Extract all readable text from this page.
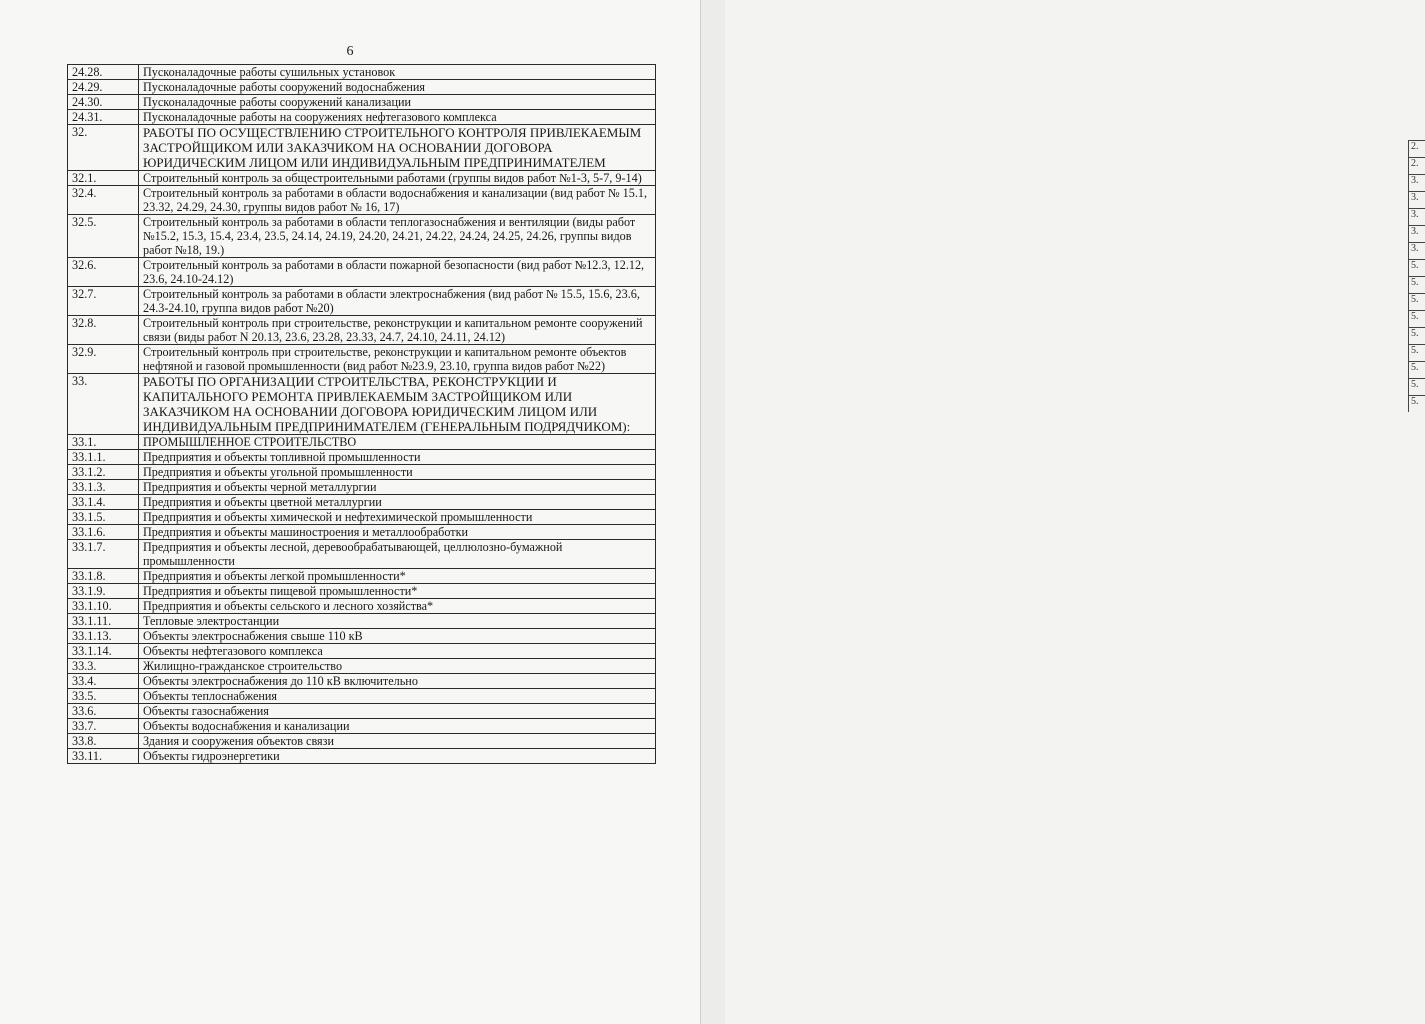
6
24.28.	Пусконаладочные работы сушильных установок
24.29.	Пусконаладочные работы сооружений водоснабжения
24.30.	Пусконаладочные работы сооружений канализации
24.31.	Пусконаладочные работы на сооружениях нефтегазового комплекса
32.	РАБОТЫ ПО ОСУЩЕСТВЛЕНИЮ СТРОИТЕЛЬНОГО КОНТРОЛЯ ПРИВЛЕКАЕМЫМ ЗАСТРОЙЩИКОМ ИЛИ ЗАКАЗЧИКОМ НА ОСНОВАНИИ ДОГОВОРА ЮРИДИЧЕСКИМ ЛИЦОМ ИЛИ ИНДИВИДУАЛЬНЫМ ПРЕДПРИНИМАТЕЛЕМ
32.1.	Строительный контроль за общестроительными работами (группы видов работ №1-3, 5-7, 9-14)
32.4.	Строительный контроль за работами в области водоснабжения и канализации (вид работ № 15.1, 23.32, 24.29, 24.30, группы видов работ № 16, 17)
32.5.	Строительный контроль за работами в области теплогазоснабжения и вентиляции (виды работ №15.2, 15.3, 15.4, 23.4, 23.5, 24.14, 24.19, 24.20, 24.21, 24.22, 24.24, 24.25, 24.26, группы видов работ №18, 19.)
32.6.	Строительный контроль за работами в области пожарной безопасности (вид работ №12.3, 12.12, 23.6, 24.10-24.12)
32.7.	Строительный контроль за работами в области электроснабжения (вид работ № 15.5, 15.6, 23.6, 24.3-24.10, группа видов работ №20)
32.8.	Строительный контроль при строительстве, реконструкции и капитальном ремонте сооружений связи (виды работ N 20.13, 23.6, 23.28, 23.33, 24.7, 24.10, 24.11, 24.12)
32.9.	Строительный контроль при строительстве, реконструкции и капитальном ремонте объектов нефтяной и газовой промышленности (вид работ №23.9, 23.10, группа видов работ №22)
33.	РАБОТЫ ПО ОРГАНИЗАЦИИ СТРОИТЕЛЬСТВА, РЕКОНСТРУКЦИИ И КАПИТАЛЬНОГО РЕМОНТА ПРИВЛЕКАЕМЫМ ЗАСТРОЙЩИКОМ ИЛИ ЗАКАЗЧИКОМ НА ОСНОВАНИИ ДОГОВОРА ЮРИДИЧЕСКИМ ЛИЦОМ ИЛИ ИНДИВИДУАЛЬНЫМ ПРЕДПРИНИМАТЕЛЕМ (ГЕНЕРАЛЬНЫМ ПОДРЯДЧИКОМ):
33.1.	ПРОМЫШЛЕННОЕ СТРОИТЕЛЬСТВО
33.1.1.	Предприятия и объекты топливной промышленности
33.1.2.	Предприятия и объекты угольной промышленности
33.1.3.	Предприятия и объекты черной металлургии
33.1.4.	Предприятия и объекты цветной металлургии
33.1.5.	Предприятия и объекты химической и нефтехимической промышленности
33.1.6.	Предприятия и объекты машиностроения и металлообработки
33.1.7.	Предприятия и объекты лесной, деревообрабатывающей, целлюлозно-бумажной промышленности
33.1.8.	Предприятия и объекты легкой промышленности*
33.1.9.	Предприятия и объекты пищевой промышленности*
33.1.10.	Предприятия и объекты сельского и лесного хозяйства*
33.1.11.	Тепловые электростанции
33.1.13.	Объекты электроснабжения свыше 110 кВ
33.1.14.	Объекты нефтегазового комплекса
33.3.	Жилищно-гражданское строительство
33.4.	Объекты электроснабжения до 110 кВ включительно
33.5.	Объекты теплоснабжения
33.6.	Объекты газоснабжения
33.7.	Объекты водоснабжения и канализации
33.8.	Здания и сооружения объектов связи
33.11.	Объекты гидроэнергетики
2.
2.
3.
3.
3.
3.
3.
5.
5.
5.
5.
5.
5.
5.
5.
5.
